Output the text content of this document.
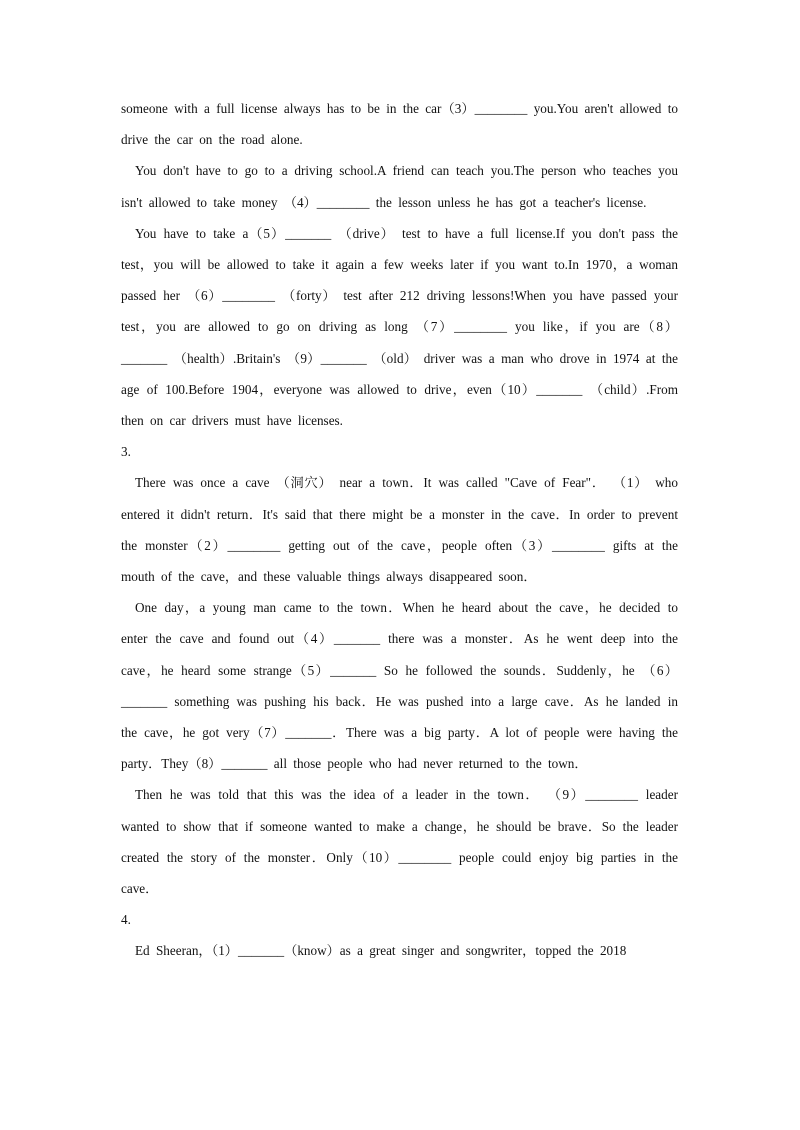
someone with a full license always has to be in the car（3）________ you.You aren't allowed to drive the car on the road alone.

You don't have to go to a driving school.A friend can teach you.The person who teaches you isn't allowed to take money （4）________ the lesson unless he has got a teacher's license.

You have to take a（5）_______ （drive） test to have a full license.If you don't pass the test，you will be allowed to take it again a few weeks later if you want to.In 1970，a woman passed her （6）________ （forty） test after 212 driving lessons!When you have passed your test，you are allowed to go on driving as long （7）________ you like，if you are（8）_______ （health）.Britain's （9）_______ （old） driver was a man who drove in 1974 at the age of 100.Before 1904，everyone was allowed to drive，even（10）_______ （child）.From then on car drivers must have licenses.

3.

There was once a cave （洞穴） near a town．It was called "Cave of Fear"． （1） who entered it didn't return．It's said that there might be a monster in the cave．In order to prevent the monster（2）________ getting out of the cave，people often（3）________ gifts at the mouth of the cave，and these valuable things always disappeared soon．

One day，a young man came to the town．When he heard about the cave，he decided to enter the cave and found out（4）_______ there was a monster．As he went deep into the cave，he heard some strange（5）_______ So he followed the sounds．Suddenly，he （6）_______ something was pushing his back．He was pushed into a large cave．As he landed in the cave，he got very（7）_______．There was a big party．A lot of people were having the party．They（8）_______ all those people who had never returned to the town．

Then he was told that this was the idea of a leader in the town． （9）________ leader wanted to show that if someone wanted to make a change，he should be brave．So the leader created the story of the monster．Only（10）________ people could enjoy big parties in the cave．

4.

Ed Sheeran，（1）_______（know）as a great singer and songwriter，topped the 2018
